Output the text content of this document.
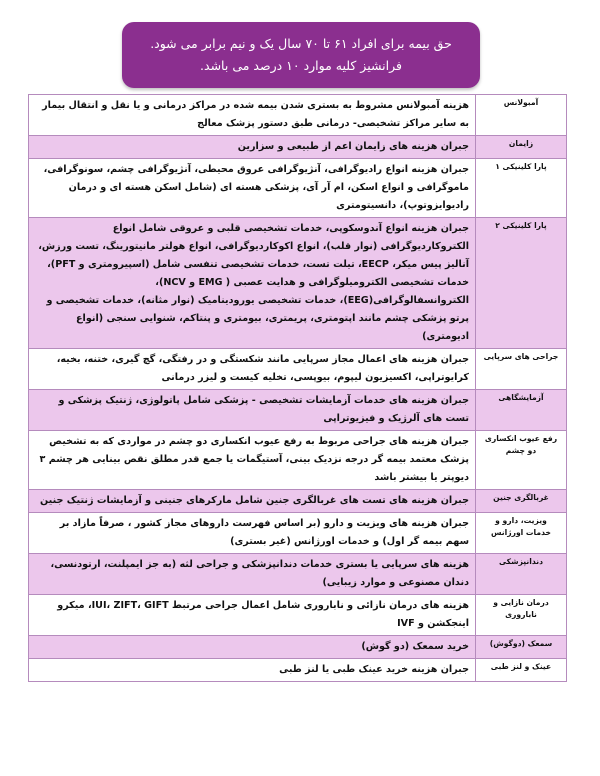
حق بیمه برای افراد ۶۱ تا ۷۰ سال یک و نیم برابر می شود.
فرانشیز کلیه موارد ۱۰ درصد می باشد.
آمبولانس	هزینه آمبولانس مشروط به بستری شدن بیمه شده در مراکز درمانی و یا نقل و انتقال بیمار به سایر مراکز تشخیصی- درمانی طبق دستور پزشک معالج
زایمان	جبران هزینه های زایمان اعم از طبیعی و سزارین
پارا کلینیکی ۱	جبران هزینه انواع رادیوگرافی، آنژیوگرافی عروق محیطی، آنژیوگرافی چشم، سونوگرافی، ماموگرافی و انواع اسکن، ام آر آی، پزشکی هسته ای (شامل اسکن هسته ای و درمان رادیوایزوتوپ)، دانسیتومتری
پارا کلینیکی ۲	جبران هزینه انواع آندوسکوپی، خدمات تشخیصی قلبی و عروقی شامل انواع الکتروکاردیوگرافی (نوار قلب)، انواع اکوکاردیوگرافی، انواع هولتر مانیتورینگ، تست ورزش، آنالیز پیس میکر، EECP، تیلت تست، خدمات تشخیصی تنفسی شامل (اسپیرومتری و PFT)، خدمات تشخیصی الکترومیلوگرافی و هدایت عصبی ( EMG و NCV)، الکتروانسفالوگرافی(EEG)، خدمات تشخیصی یورودینامیک (نوار مثانه)، خدمات تشخیصی و پرتو پزشکی چشم مانند اپتومتری، پریمتری، بیومتری و پنتاکم، شنوایی سنجی (انواع ادیومتری)
جراحی های سرپایی	جبران هزینه های اعمال مجاز سرپایی مانند شکستگی و در رفتگی، گچ گیری، ختنه، بخیه، کرایوتراپی، اکسیزیون لیپوم، بیوپسی، تخلیه کیست و لیزر درمانی
آزمایشگاهی	جبران هزینه های خدمات آزمایشات تشخیصی - پزشکی شامل پاتولوژی، ژنتیک پزشکی و تست های آلرژیک و فیزیوتراپی
رفع عیوب انکساری دو چشم	جبران هزینه های جراحی مربوط به رفع عیوب انکساری دو چشم در مواردی که به تشخیص پزشک معتمد بیمه گر درجه نزدیک بینی، آستیگمات یا جمع قدر مطلق نقص بینایی هر چشم ۳ دیوپتر یا بیشتر باشد
غربالگری جنین	جبران هزینه های تست های غربالگری جنین شامل مارکرهای جنینی و آزمایشات ژنتیک جنین
ویزیت، دارو و خدمات اورژانس	جبران هزینه های ویزیت و دارو (بر اساس فهرست داروهای مجاز کشور ، صرفاً مازاد بر سهم بیمه گر اول) و خدمات اورژانس (غیر بستری)
دندانپزشکی	هزینه های سرپایی یا بستری خدمات دندانپزشکی و جراحی لثه (به جز ایمپلنت، ارتودنسی، دندان مصنوعی و موارد زیبایی)
درمان نازایی و ناباروری	هزینه های درمان نازائی و ناباروری شامل اعمال جراحی مرتبط IUI، ZIFT، GIFT، میکرو اینجکشن و IVF
سمعک (دوگوش)	خرید سمعک (دو گوش)
عینک و لنز طبی	جبران هزینه خرید عینک طبی یا لنز طبی
